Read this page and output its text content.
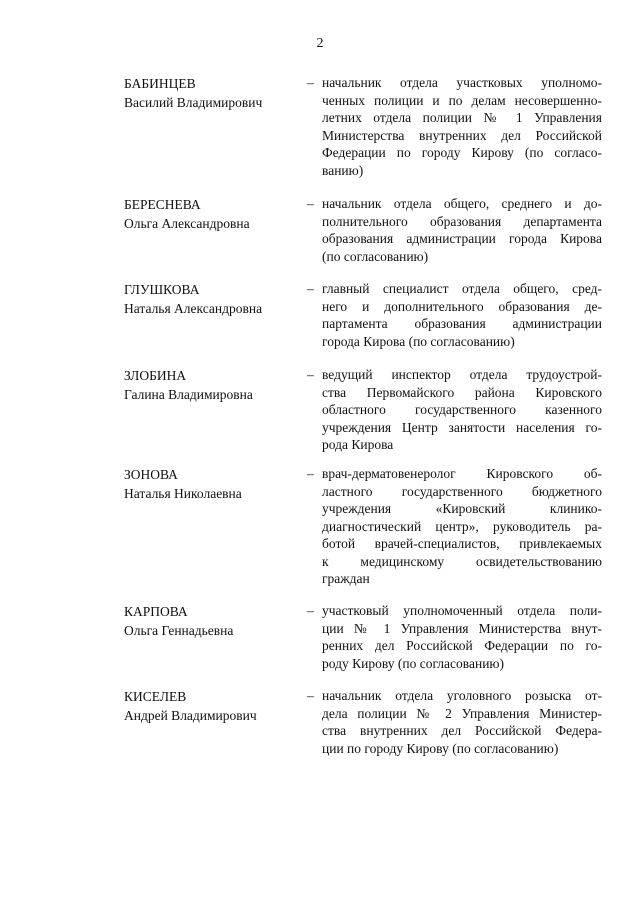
2
БАБИНЦЕВ
Василий Владимирович
– начальник отдела участковых уполномо-
ченных полиции и по делам несовершенно-
летних отдела полиции № 1 Управления
Министерства внутренних дел Российской
Федерации по городу Кирову (по согласо-
ванию)
БЕРЕСНЕВА
Ольга Александровна
– начальник отдела общего, среднего и до-
полнительного образования департамента
образования администрации города Кирова
(по согласованию)
ГЛУШКОВА
Наталья Александровна
– главный специалист отдела общего, сред-
него и дополнительного образования де-
партамента образования администрации
города Кирова (по согласованию)
ЗЛОБИНА
Галина Владимировна
– ведущий инспектор отдела трудоустрой-
ства Первомайского района Кировского
областного государственного казенного
учреждения Центр занятости населения го-
рода Кирова
ЗОНОВА
Наталья Николаевна
– врач-дерматовенеролог Кировского об-
ластного государственного бюджетного
учреждения «Кировский клинико-
диагностический центр», руководитель ра-
ботой врачей-специалистов, привлекаемых
к медицинскому освидетельствованию
граждан
КАРПОВА
Ольга Геннадьевна
– участковый уполномоченный отдела поли-
ции № 1 Управления Министерства внут-
ренних дел Российской Федерации по го-
роду Кирову (по согласованию)
КИСЕЛЕВ
Андрей Владимирович
– начальник отдела уголовного розыска от-
дела полиции № 2 Управления Министер-
ства внутренних дел Российской Федера-
ции по городу Кирову (по согласованию)
